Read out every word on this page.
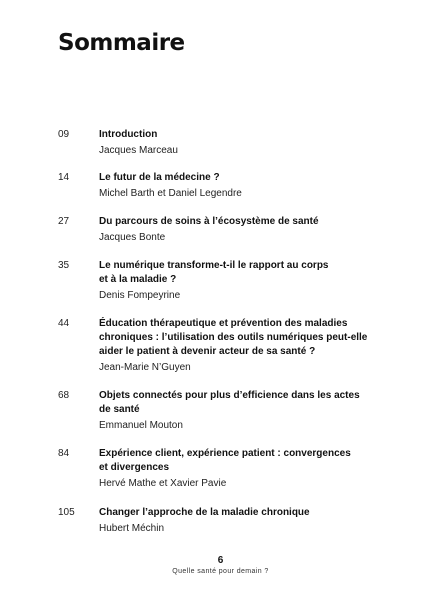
Sommaire
09	Introduction
Jacques Marceau
14	Le futur de la médecine ?
Michel Barth et Daniel Legendre
27	Du parcours de soins à l’écosystème de santé
Jacques Bonte
35	Le numérique transforme-t-il le rapport au corps
et à la maladie ?
Denis Fompeyrine
44	Éducation thérapeutique et prévention des maladies
chroniques : l’utilisation des outils numériques peut-elle
aider le patient à devenir acteur de sa santé ?
Jean-Marie N’Guyen
68	Objets connectés pour plus d’efficience dans les actes
de santé
Emmanuel Mouton
84	Expérience client, expérience patient : convergences
et divergences
Hervé Mathe et Xavier Pavie
105 Changer l’approche de la maladie chronique
Hubert Méchin
6
Quelle santé pour demain ?
